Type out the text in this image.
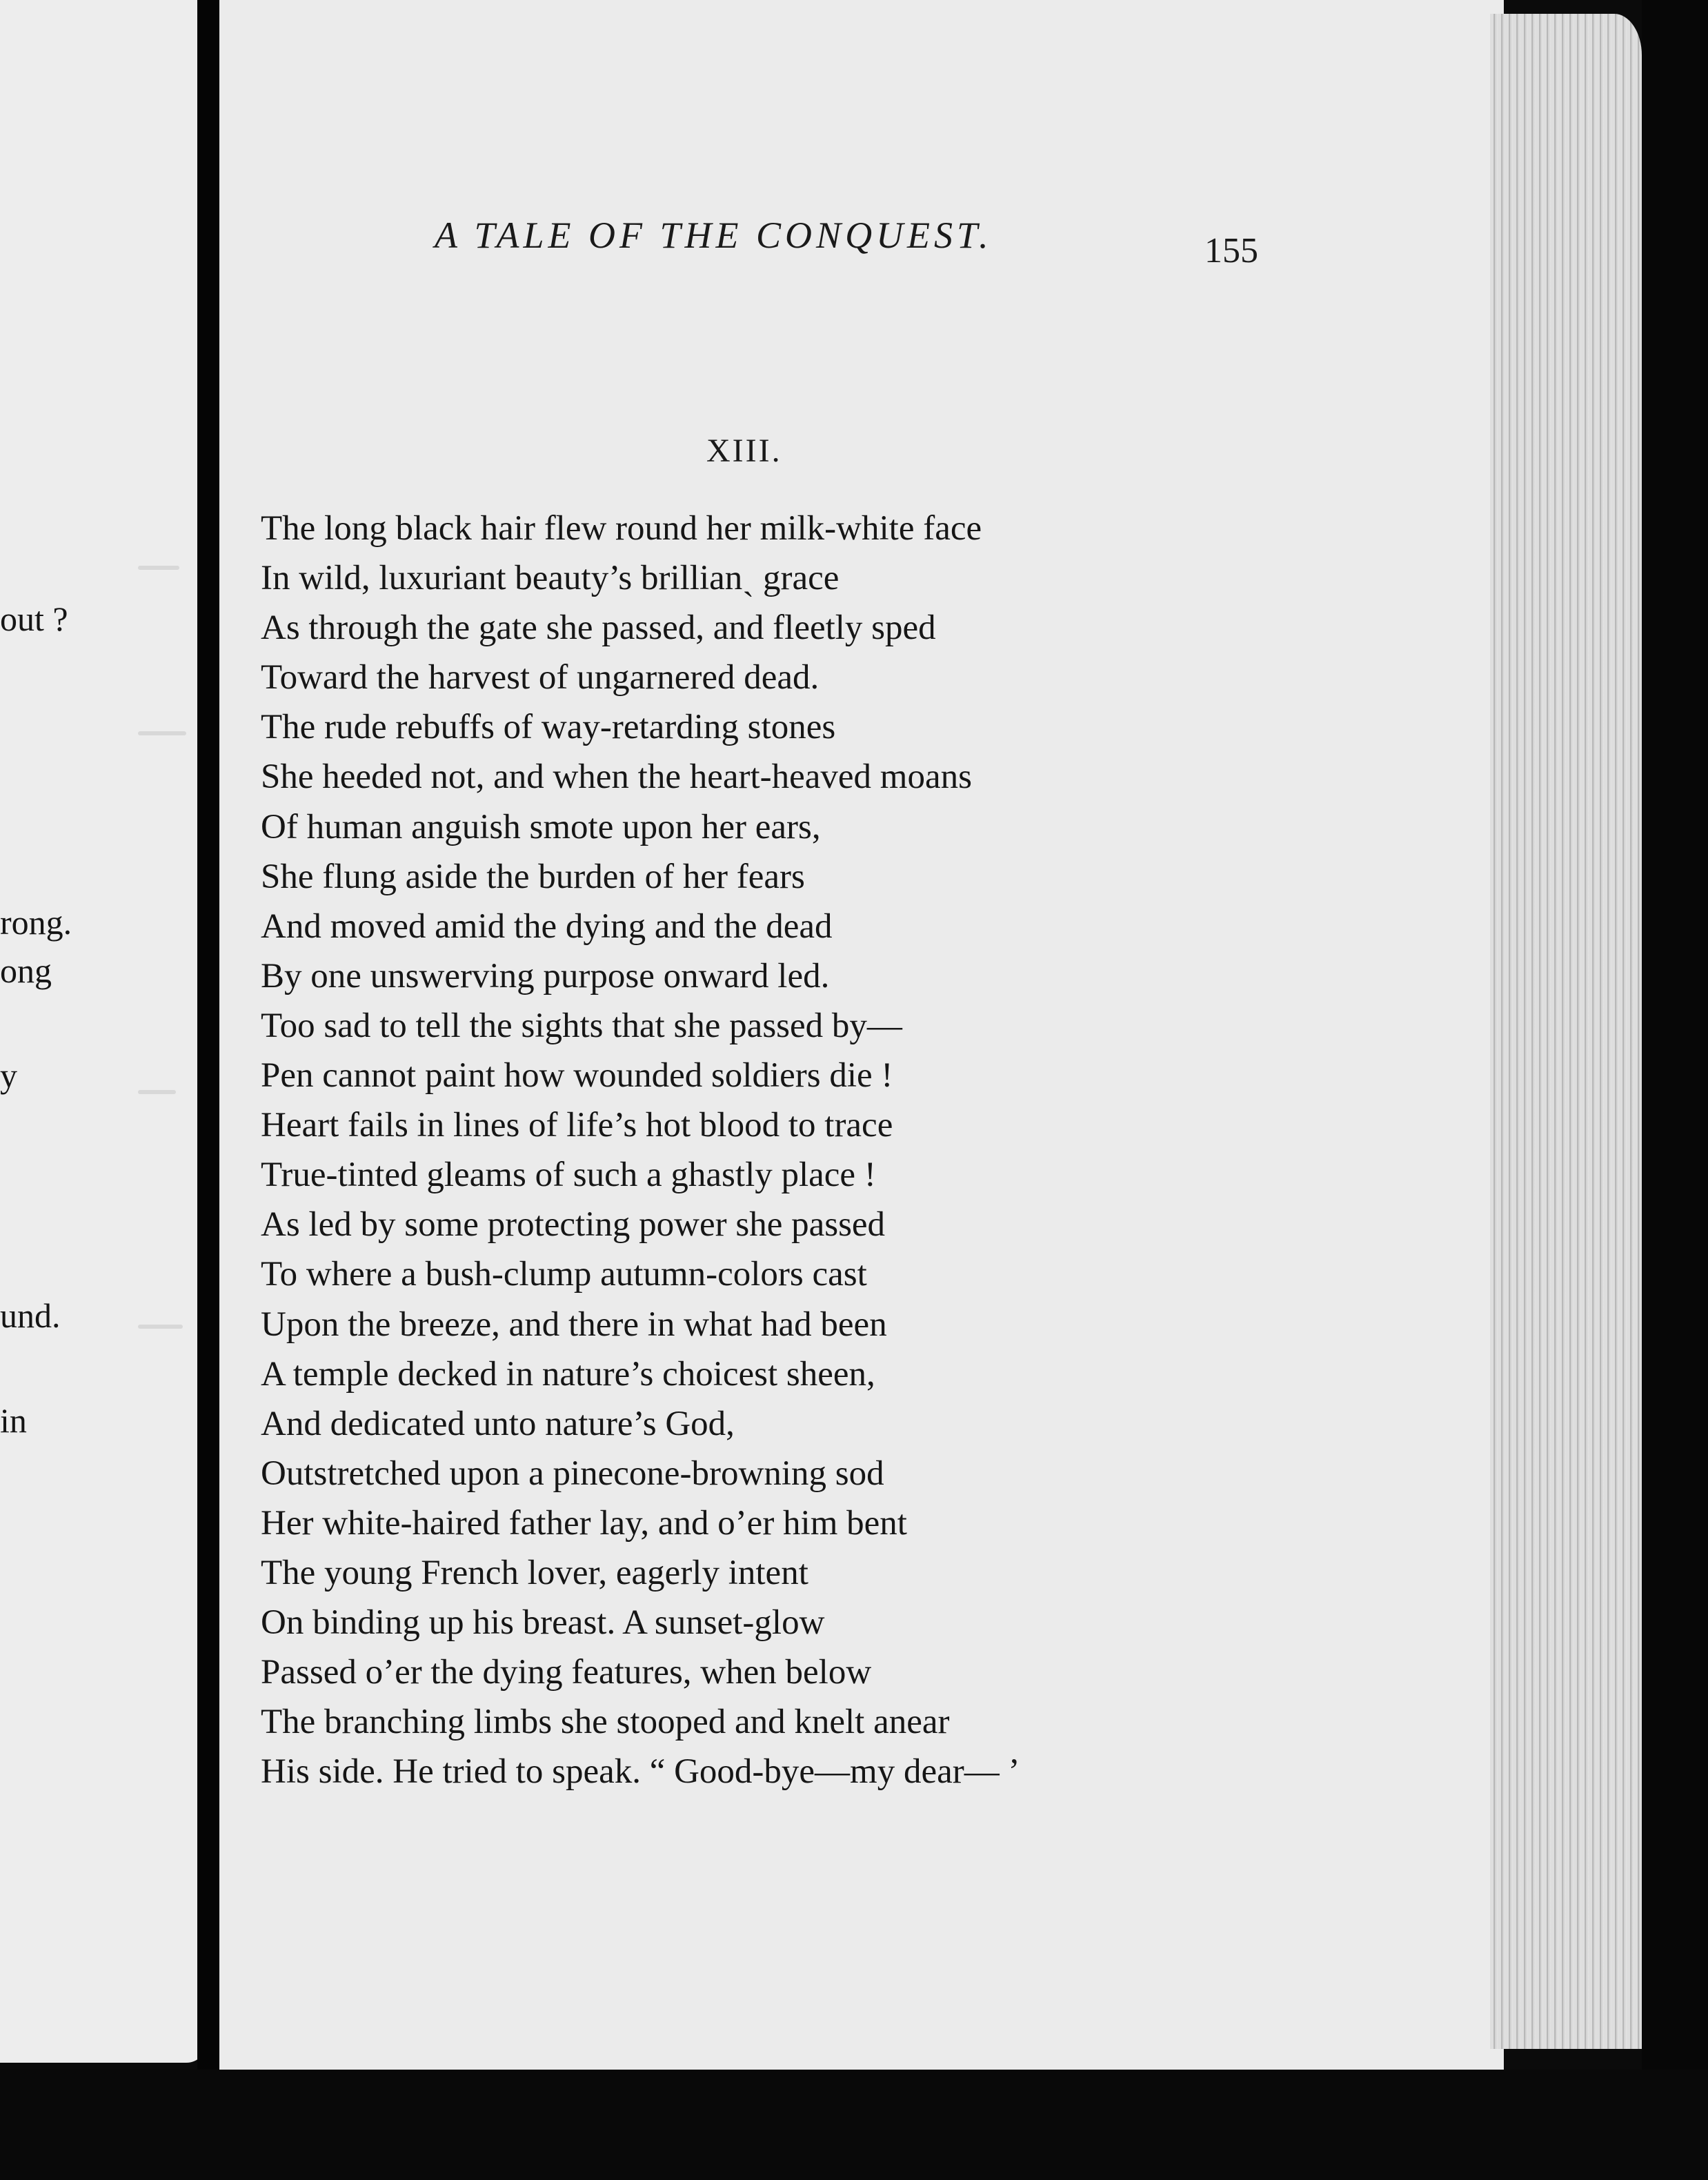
out ?
rong.
ong
y
und.
in
A TALE OF THE CONQUEST.	155
XIII.
The long black hair flew round her milk-white face
In wild, luxuriant beauty’s brillianˎ grace
As through the gate she passed, and fleetly sped
Toward the harvest of ungarnered dead.
The rude rebuffs of way-retarding stones
She heeded not, and when the heart-heaved moans
Of human anguish smote upon her ears,
She flung aside the burden of her fears
And moved amid the dying and the dead
By one unswerving purpose onward led.
Too sad to tell the sights that she passed by—
Pen cannot paint how wounded soldiers die !
Heart fails in lines of life’s hot blood to trace
True-tinted gleams of such a ghastly place !
As led by some protecting power she passed
To where a bush-clump autumn-colors cast
Upon the breeze, and there in what had been
A temple decked in nature’s choicest sheen,
And dedicated unto nature’s God,
Outstretched upon a pinecone-browning sod
Her white-haired father lay, and o’er him bent
The young French lover, eagerly intent
On binding up his breast. A sunset-glow
Passed o’er the dying features, when below
The branching limbs she stooped and knelt anear
His side. He tried to speak. “ Good-bye—my dear— ’
